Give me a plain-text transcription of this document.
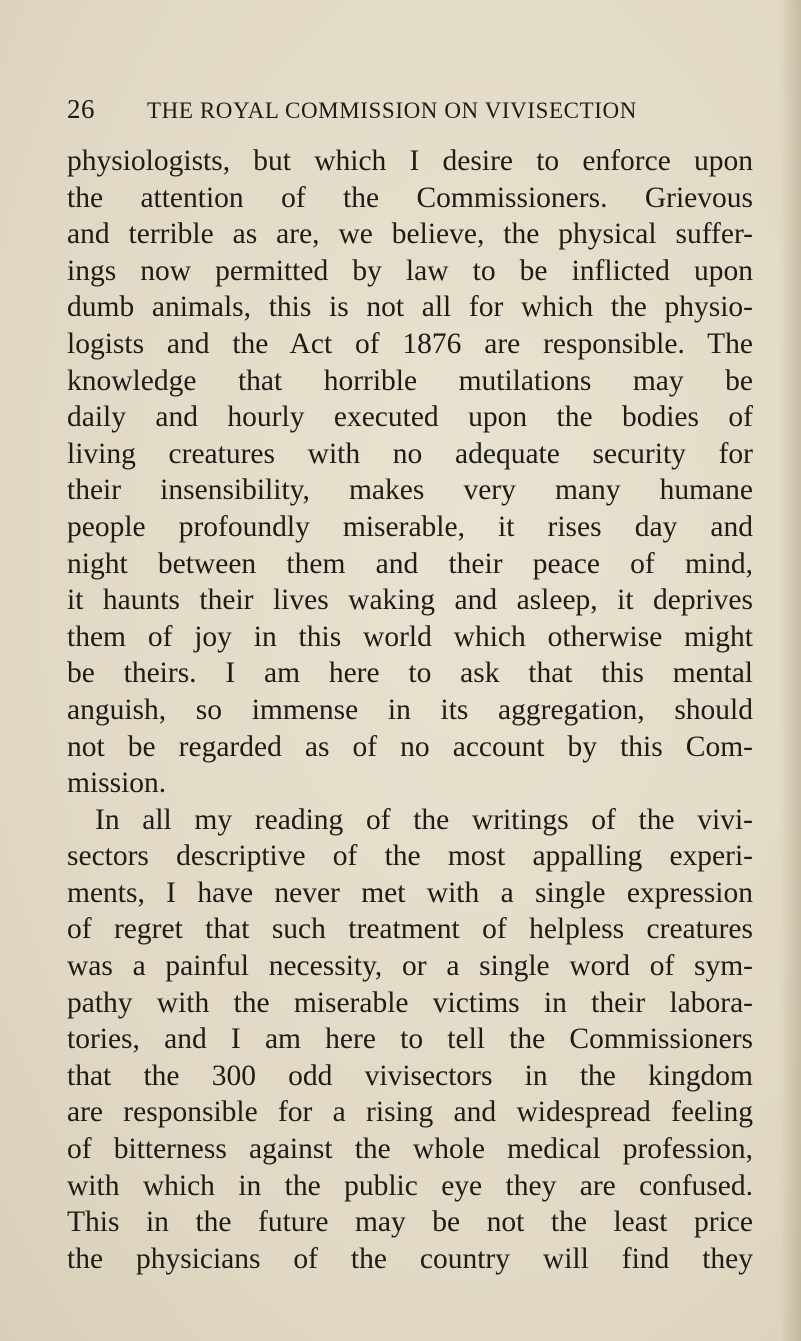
26 THE ROYAL COMMISSION ON VIVISECTION
physiologists, but which I desire to enforce upon
the attention of the Commissioners. Grievous
and terrible as are, we believe, the physical suffer-
ings now permitted by law to be inflicted upon
dumb animals, this is not all for which the physio-
logists and the Act of 1876 are responsible. The
knowledge that horrible mutilations may be
daily and hourly executed upon the bodies of
living creatures with no adequate security for
their insensibility, makes very many humane
people profoundly miserable, it rises day and
night between them and their peace of mind,
it haunts their lives waking and asleep, it deprives
them of joy in this world which otherwise might
be theirs. I am here to ask that this mental
anguish, so immense in its aggregation, should
not be regarded as of no account by this Com-
mission.
In all my reading of the writings of the vivi-
sectors descriptive of the most appalling experi-
ments, I have never met with a single expression
of regret that such treatment of helpless creatures
was a painful necessity, or a single word of sym-
pathy with the miserable victims in their labora-
tories, and I am here to tell the Commissioners
that the 300 odd vivisectors in the kingdom
are responsible for a rising and widespread feeling
of bitterness against the whole medical profession,
with which in the public eye they are confused.
This in the future may be not the least price
the physicians of the country will find they
